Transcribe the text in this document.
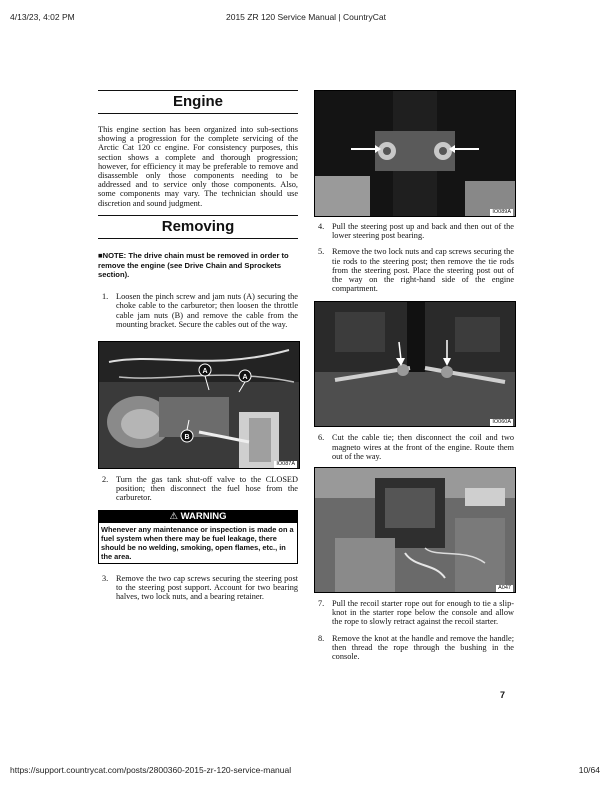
4/13/23, 4:02 PM	2015 ZR 120 Service Manual | CountryCat
Engine

This engine section has been organized into sub-sections showing a progression for the complete servicing of the Arctic Cat 120 cc engine. For consistency purposes, this section shows a complete and thorough progression; however, for efficiency it may be preferable to remove and disassemble only those components needing to be addressed and to service only those components. Also, some components may vary. The technician should use discretion and sound judgment.

Removing

■NOTE: The drive chain must be removed in order to remove the engine (see Drive Chain and Sprockets section).

1. Loosen the pinch screw and jam nuts (A) securing the choke cable to the carburetor; then loosen the throttle cable jam nuts (B) and remove the cable from the mounting bracket. Secure the cables out of the way.
A
A
B
IO087A
2. Turn the gas tank shut-off valve to the CLOSED position; then disconnect the fuel hose from the carburetor.
⚠ WARNING
Whenever any maintenance or inspection is made on a fuel system when there may be fuel leakage, there should be no welding, smoking, open flames, etc., in the area.
3. Remove the two cap screws securing the steering post to the steering post support. Account for two bearing halves, two lock nuts, and a bearing retainer.
IO089A
4. Pull the steering post up and back and then out of the lower steering post bearing.
5. Remove the two lock nuts and cap screws securing the tie rods to the steering post; then remove the tie rods from the steering post. Place the steering post out of the way on the right-hand side of the engine compartment.
IO060A
6. Cut the cable tie; then disconnect the coil and two magneto wires at the front of the engine. Route them out of the way.
A047
7. Pull the recoil starter rope out for enough to tie a slip-knot in the starter rope below the console and allow the rope to slowly retract against the recoil starter.
8. Remove the knot at the handle and remove the handle; then thread the rope through the bushing in the console.
7
https://support.countrycat.com/posts/2800360-2015-zr-120-service-manual	10/64
